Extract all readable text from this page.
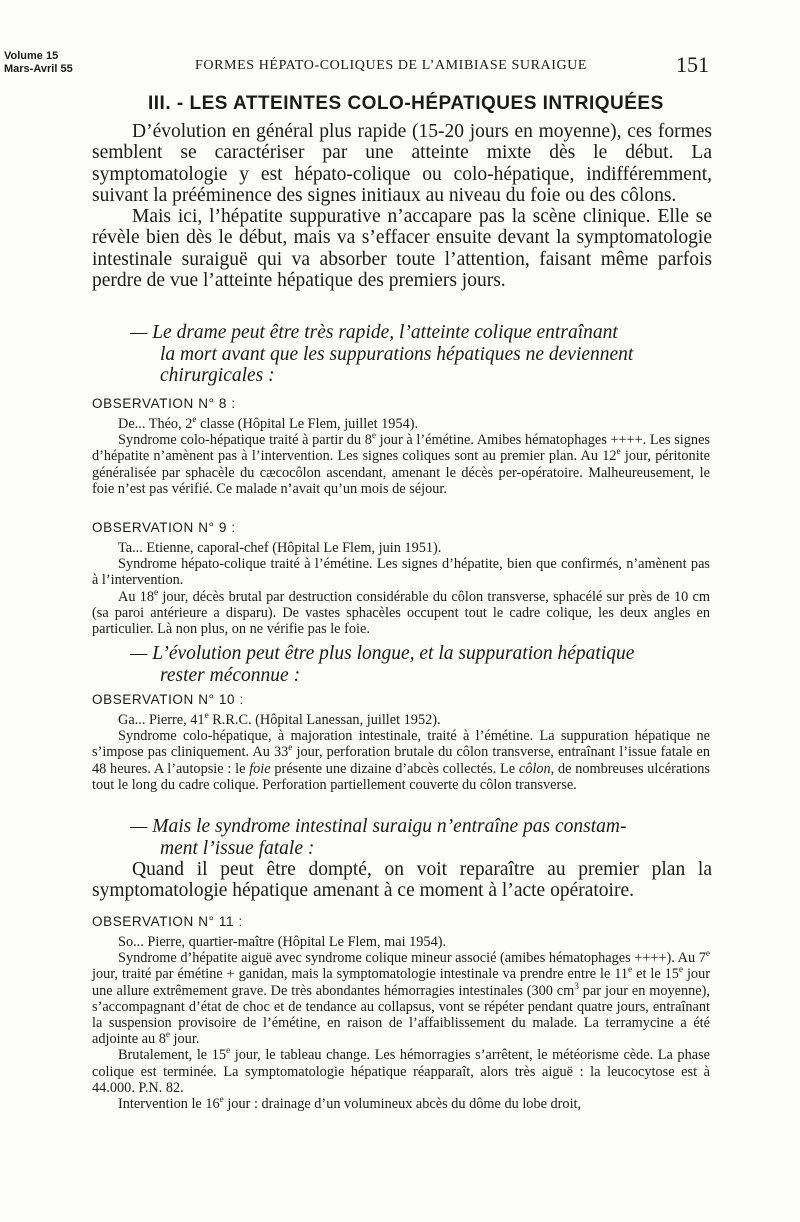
Volume 15
Mars-Avril 55	FORMES HÉPATO-COLIQUES DE L’AMIBIASE SURAIGUE	151
III. - LES ATTEINTES COLO-HÉPATIQUES INTRIQUÉES

D’évolution en général plus rapide (15-20 jours en moyenne), ces formes semblent se caractériser par une atteinte mixte dès le début. La symptomatologie y est hépato-colique ou colo-hépatique, indifféremment, suivant la prééminence des signes initiaux au niveau du foie ou des côlons.

Mais ici, l’hépatite suppurative n’accapare pas la scène clinique. Elle se révèle bien dès le début, mais va s’effacer ensuite devant la symptomatologie intestinale suraiguë qui va absorber toute l’attention, faisant même parfois perdre de vue l’atteinte hépatique des premiers jours.

— Le drame peut être très rapide, l’atteinte colique entraînant
la mort avant que les suppurations hépatiques ne deviennent
chirurgicales :
OBSERVATION N° 8 :

De... Théo, 2e classe (Hôpital Le Flem, juillet 1954).

Syndrome colo-hépatique traité à partir du 8e jour à l’émétine. Amibes hématophages ++++. Les signes d’hépatite n’amènent pas à l’intervention. Les signes coliques sont au premier plan. Au 12e jour, péritonite généralisée par sphacèle du cæcocôlon ascendant, amenant le décès per-opératoire. Malheureusement, le foie n’est pas vérifié. Ce malade n’avait qu’un mois de séjour.

OBSERVATION N° 9 :

Ta... Etienne, caporal-chef (Hôpital Le Flem, juin 1951).

Syndrome hépato-colique traité à l’émétine. Les signes d’hépatite, bien que confirmés, n’amènent pas à l’intervention.

Au 18e jour, décès brutal par destruction considérable du côlon transverse, sphacélé sur près de 10 cm (sa paroi antérieure a disparu). De vastes sphacèles occupent tout le cadre colique, les deux angles en particulier. Là non plus, on ne vérifie pas le foie.

— L’évolution peut être plus longue, et la suppuration hépatique
rester méconnue :
OBSERVATION N° 10 :

Ga... Pierre, 41e R.R.C. (Hôpital Lanessan, juillet 1952).

Syndrome colo-hépatique, à majoration intestinale, traité à l’émétine. La suppuration hépatique ne s’impose pas cliniquement. Au 33e jour, perforation brutale du côlon transverse, entraînant l’issue fatale en 48 heures. A l’autopsie : le foie présente une dizaine d’abcès collectés. Le côlon, de nombreuses ulcérations tout le long du cadre colique. Perforation partiellement couverte du côlon transverse.

— Mais le syndrome intestinal suraigu n’entraîne pas constam-
ment l’issue fatale :

Quand il peut être dompté, on voit reparaître au premier plan la symptomatologie hépatique amenant à ce moment à l’acte opératoire.

OBSERVATION N° 11 :

So... Pierre, quartier-maître (Hôpital Le Flem, mai 1954).

Syndrome d’hépatite aiguë avec syndrome colique mineur associé (amibes hématophages ++++). Au 7e jour, traité par émétine + ganidan, mais la symptomatologie intestinale va prendre entre le 11e et le 15e jour une allure extrêmement grave. De très abondantes hémorragies intestinales (300 $cm^3$ par jour en moyenne), s’accompagnant d’état de choc et de tendance au collapsus, vont se répéter pendant quatre jours, entraînant la suspension provisoire de l’émétine, en raison de l’affaiblissement du malade. La terramycine a été adjointe au 8e jour.

Brutalement, le 15e jour, le tableau change. Les hémorragies s’arrêtent, le météorisme cède. La phase colique est terminée. La symptomatologie hépatique réapparaît, alors très aiguë : la leucocytose est à 44.000. P.N. 82.

Intervention le 16e jour : drainage d’un volumineux abcès du dôme du lobe droit,
